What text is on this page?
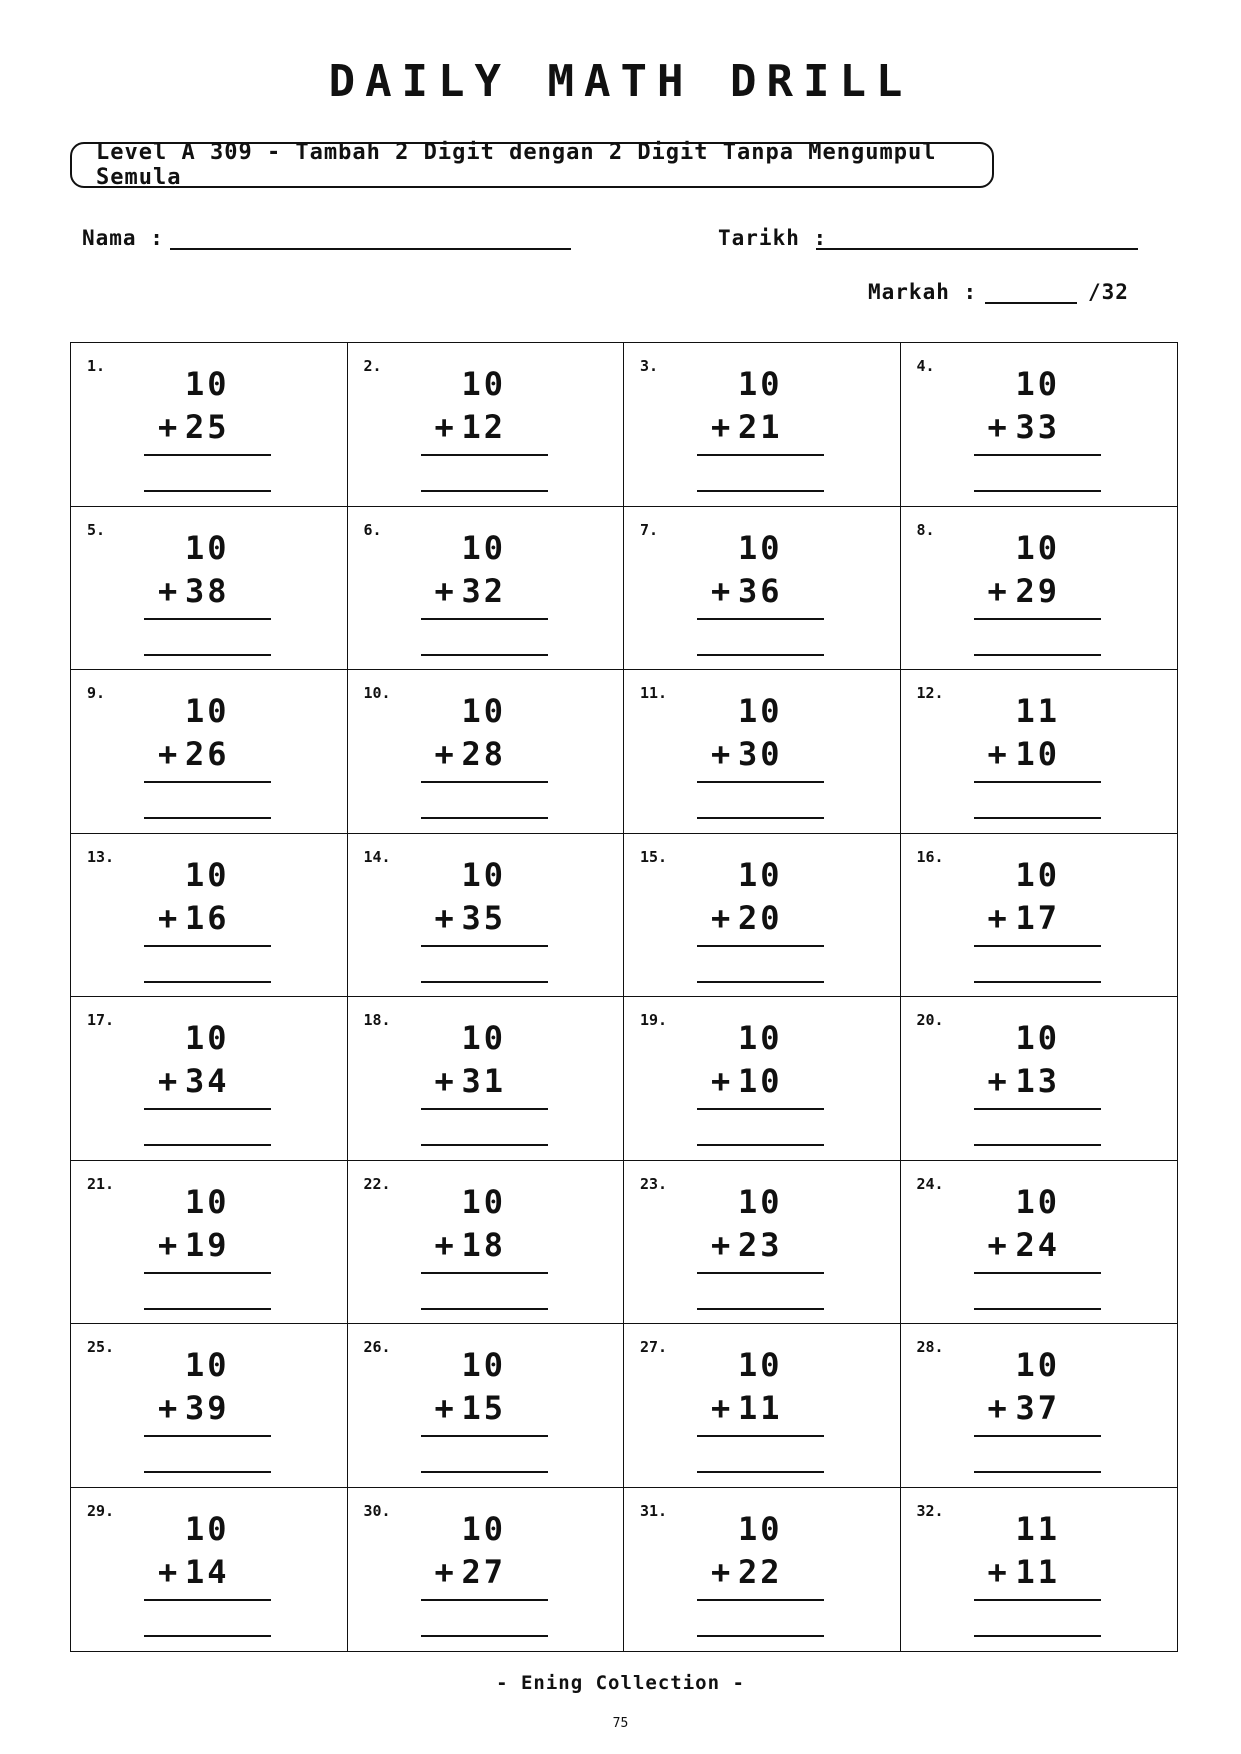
DAILY MATH DRILL
Level A 309 - Tambah 2 Digit dengan 2 Digit Tanpa Mengumpul Semula
Nama :	Tarikh :
Markah :	/32
1. 10
+ 25
2. 10
+ 12
3. 10
+ 21
4.	10
+ 33
5. 10
+ 38
6. 10
+ 32
7. 10
+ 36
8.	10
+ 29
9. 10
+ 26
10. 10
+ 28
11. 10
+ 30
12. 11
+ 10
13. 10
+ 16
14. 10
+ 35
15. 10
+ 20
16. 10
+ 17
17. 10
+ 34
18. 10
+ 31
19. 10
+ 10
20. 10
+ 13
21. 10
+ 19
22. 10
+ 18
23. 10
+ 23
24. 10
+ 24
25. 10
+ 39
26. 10
+ 15
27. 10
+ 11
28. 10
+ 37
29. 10
+ 14
30. 10
+ 27
31. 10
+ 22
32. 11
+ 11
- Ening Collection -
75
